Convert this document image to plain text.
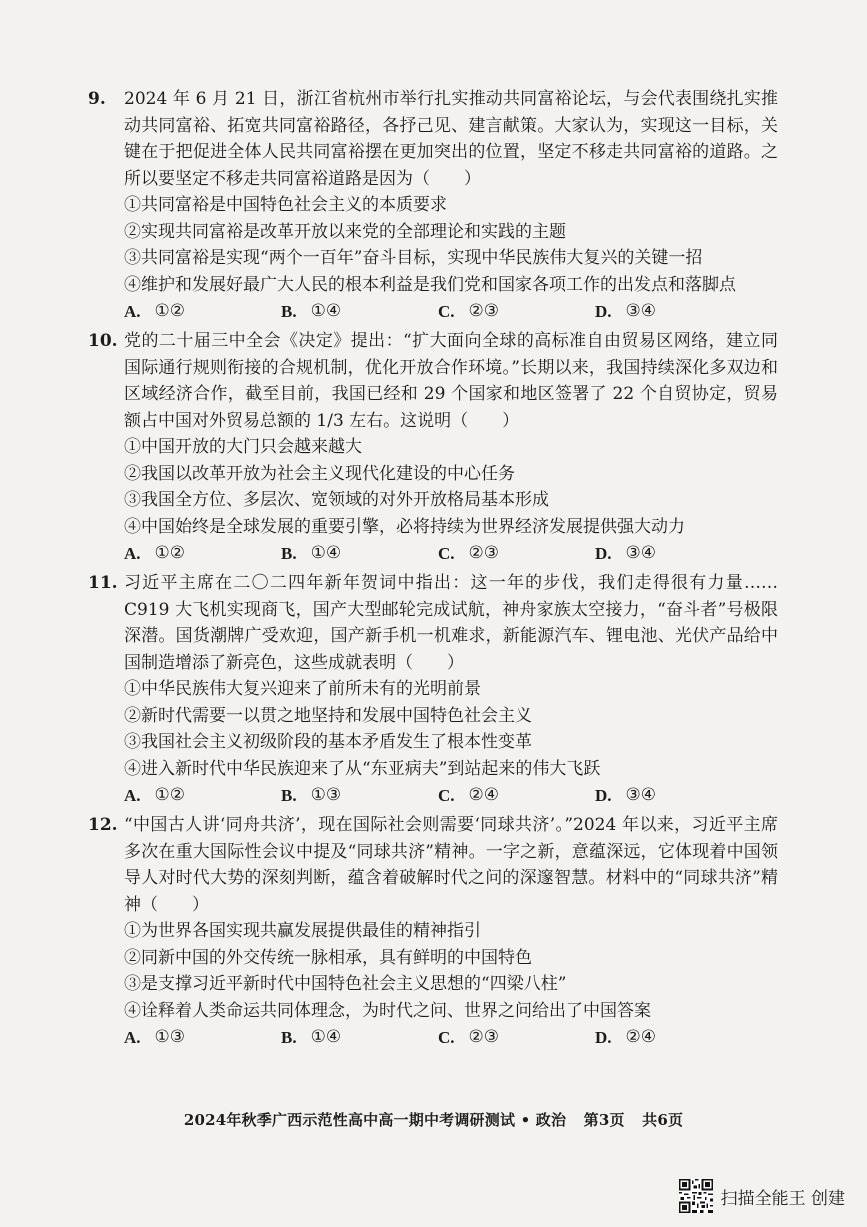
9. 2024 年 6 月 21 日，浙江省杭州市举行扎实推动共同富裕论坛，与会代表围绕扎实推动共同富裕、拓宽共同富裕路径，各抒己见、建言献策。大家认为，实现这一目标，关键在于把促进全体人民共同富裕摆在更加突出的位置，坚定不移走共同富裕的道路。之所以要坚定不移走共同富裕道路是因为（　　）

①共同富裕是中国特色社会主义的本质要求

②实现共同富裕是改革开放以来党的全部理论和实践的主题

③共同富裕是实现“两个一百年”奋斗目标，实现中华民族伟大复兴的关键一招

④维护和发展好最广大人民的根本利益是我们党和国家各项工作的出发点和落脚点

A. ①②	B. ①④	C. ②③	D. ③④

10. 党的二十届三中全会《决定》提出：“扩大面向全球的高标准自由贸易区网络，建立同国际通行规则衔接的合规机制，优化开放合作环境。”长期以来，我国持续深化多双边和区域经济合作，截至目前，我国已经和 29 个国家和地区签署了 22 个自贸协定，贸易额占中国对外贸易总额的 1/3 左右。这说明（　　）

①中国开放的大门只会越来越大

②我国以改革开放为社会主义现代化建设的中心任务

③我国全方位、多层次、宽领域的对外开放格局基本形成

④中国始终是全球发展的重要引擎，必将持续为世界经济发展提供强大动力

A. ①②	B. ①④	C. ②③	D. ③④

11. 习近平主席在二〇二四年新年贺词中指出：这一年的步伐，我们走得很有力量……C919 大飞机实现商飞，国产大型邮轮完成试航，神舟家族太空接力，“奋斗者”号极限深潜。国货潮牌广受欢迎，国产新手机一机难求，新能源汽车、锂电池、光伏产品给中国制造增添了新亮色，这些成就表明（　　）

①中华民族伟大复兴迎来了前所未有的光明前景

②新时代需要一以贯之地坚持和发展中国特色社会主义

③我国社会主义初级阶段的基本矛盾发生了根本性变革

④进入新时代中华民族迎来了从“东亚病夫”到站起来的伟大飞跃

A. ①②	B. ①③	C. ②④	D. ③④

12. “中国古人讲‘同舟共济’，现在国际社会则需要‘同球共济’。”2024 年以来，习近平主席多次在重大国际性会议中提及“同球共济”精神。一字之新，意蕴深远，它体现着中国领导人对时代大势的深刻判断，蕴含着破解时代之问的深邃智慧。材料中的“同球共济”精神（　　）

①为世界各国实现共赢发展提供最佳的精神指引

②同新中国的外交传统一脉相承，具有鲜明的中国特色

③是支撑习近平新时代中国特色社会主义思想的“四梁八柱”

④诠释着人类命运共同体理念，为时代之问、世界之问给出了中国答案

A. ①③	B. ①④	C. ②③	D. ②④
2024年秋季广西示范性高中高一期中考调研测试 • 政治 第3页 共6页
扫描全能王 创建
